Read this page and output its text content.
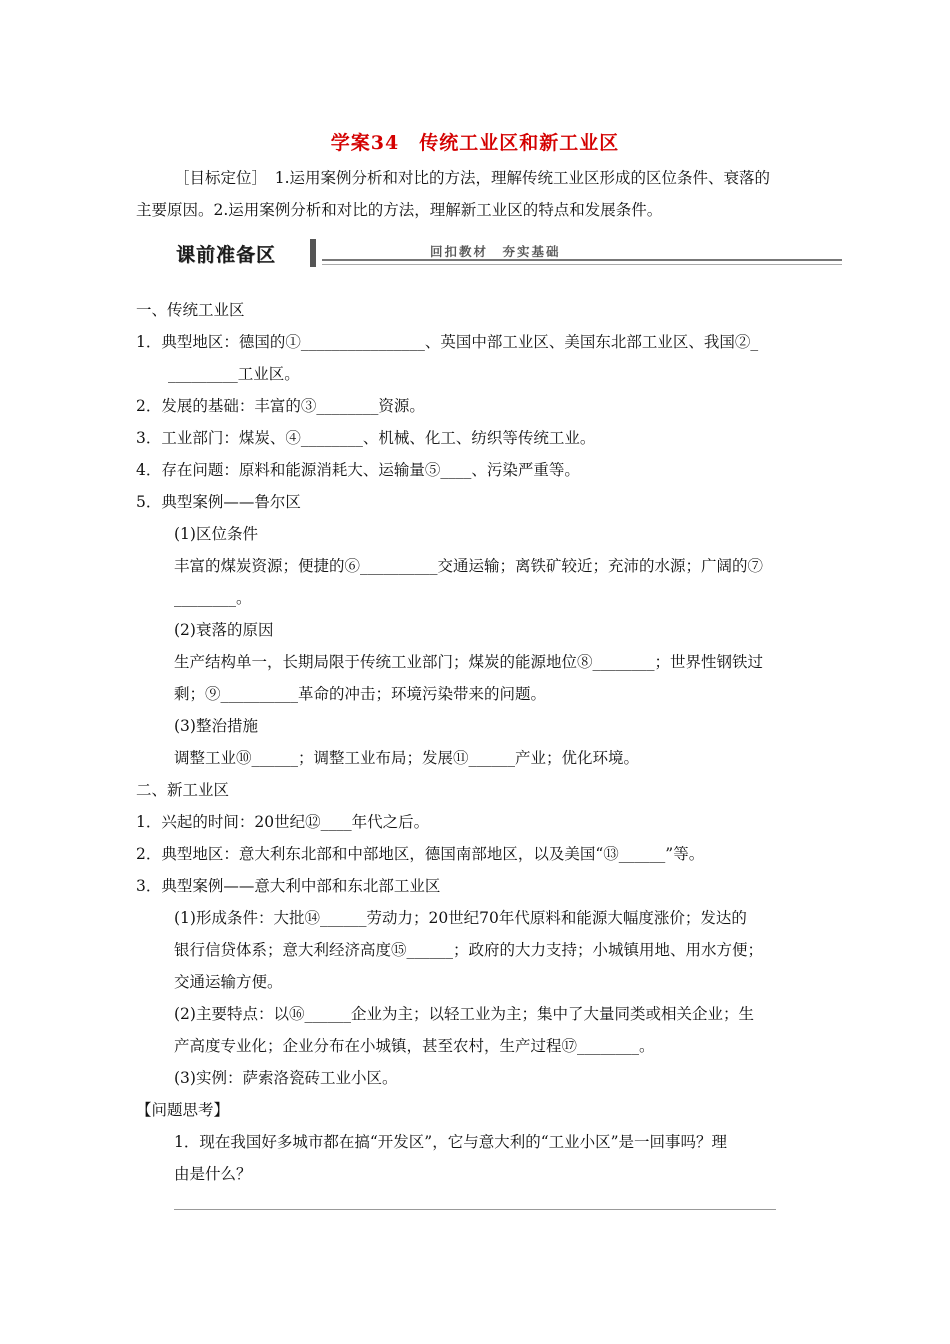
学案34　传统工业区和新工业区
［目标定位］　1.运用案例分析和对比的方法，理解传统工业区形成的区位条件、衰落的
主要原因。2.运用案例分析和对比的方法，理解新工业区的特点和发展条件。
课前准备区	回扣教材　夯实基础
一、传统工业区
1．典型地区：德国的①________________、英国中部工业区、美国东北部工业区、我国②_
_________工业区。
2．发展的基础：丰富的③________资源。
3．工业部门：煤炭、④________、机械、化工、纺织等传统工业。
4．存在问题：原料和能源消耗大、运输量⑤____、污染严重等。
5．典型案例——鲁尔区
(1)区位条件
丰富的煤炭资源；便捷的⑥__________交通运输；离铁矿较近；充沛的水源；广阔的⑦
________。
(2)衰落的原因
生产结构单一，长期局限于传统工业部门；煤炭的能源地位⑧________；世界性钢铁过
剩；⑨__________革命的冲击；环境污染带来的问题。
(3)整治措施
调整工业⑩______；调整工业布局；发展⑪______产业；优化环境。
二、新工业区
1．兴起的时间：20世纪⑫____年代之后。
2．典型地区：意大利东北部和中部地区，德国南部地区，以及美国“⑬______”等。
3．典型案例——意大利中部和东北部工业区
(1)形成条件：大批⑭______劳动力；20世纪70年代原料和能源大幅度涨价；发达的
银行信贷体系；意大利经济高度⑮______；政府的大力支持；小城镇用地、用水方便；
交通运输方便。
(2)主要特点：以⑯______企业为主；以轻工业为主；集中了大量同类或相关企业；生
产高度专业化；企业分布在小城镇，甚至农村，生产过程⑰________。
(3)实例：萨索洛瓷砖工业小区。
【问题思考】
1．现在我国好多城市都在搞“开发区”，它与意大利的“工业小区”是一回事吗？理
由是什么？
